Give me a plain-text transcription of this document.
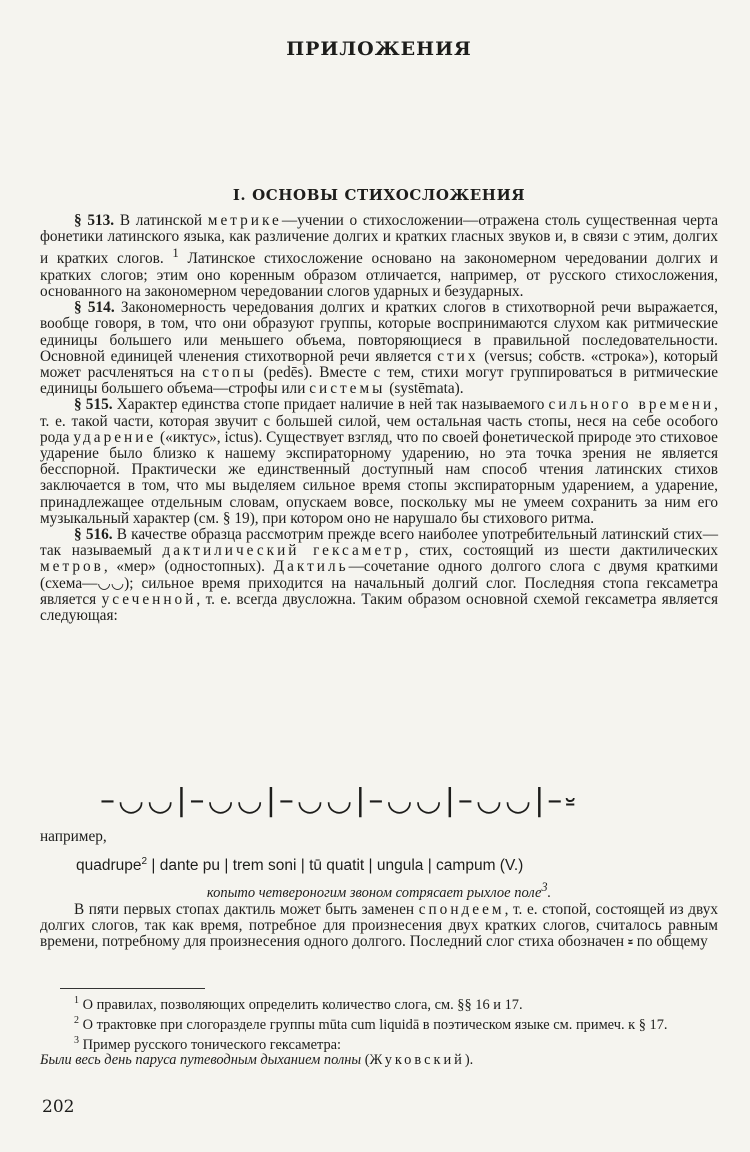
ПРИЛОЖЕНИЯ
I. ОСНОВЫ СТИХОСЛОЖЕНИЯ

§ 513. В латинской метрике—учении о стихосложении—отражена столь существенная черта фонетики латинского языка, как различение долгих и кратких гласных звуков и, в связи с этим, долгих и кратких слогов. $^1$ Латинское стихосложение основано на закономерном чередовании долгих и кратких слогов; этим оно коренным образом отличается, например, от русского стихосложения, основанного на закономерном чередовании слогов ударных и безударных.

§ 514. Закономерность чередования долгих и кратких слогов в стихотворной речи выражается, вообще говоря, в том, что они образуют группы, которые воспринимаются слухом как ритмические единицы большего или меньшего объема, повторяющиеся в правильной последовательности. Основной единицей членения стихотворной речи является стих (versus; собств. «строка»), который может расчленяться на стопы (pedēs). Вместе с тем, стихи могут группироваться в ритмические единицы большего объема—строфы или системы (systēmata).

§ 515. Характер единства стопе придает наличие в ней так называемого сильного времени, т. е. такой части, которая звучит с большей силой, чем остальная часть стопы, неся на себе особого рода ударение («иктус», ictus). Существует взгляд, что по своей фонетической природе это стиховое ударение было близко к нашему экспираторному ударению, но эта точка зрения не является бесспорной. Практически же единственный доступный нам способ чтения латинских стихов заключается в том, что мы выделяем сильное время стопы экспираторным ударением, а ударение, принадлежащее отдельным словам, опускаем вовсе, поскольку мы не умеем сохранить за ним его музыкальный характер (см. § 19), при котором оно не нарушало бы стихового ритма.

§ 516. В качестве образца рассмотрим прежде всего наиболее употребительный латинский стих—так называемый дактилический гексаметр, стих, состоящий из шести дактилических метров, «мер» (одностопных). Дактиль—сочетание одного долгого слога с двумя краткими (схема—◡◡); сильное время приходится на начальный долгий слог. Последняя стопа гексаметра является усеченной, т. е. всегда двусложна. Таким образом основной схемой гексаметра является следующая:

–◡◡|–◡◡|–◡◡|–◡◡|–◡◡|–⏓
например,
quadrupe$^2$ | dante pu | trem soni | tū quatit | ungula | campum (V.)
копыто четвероногим звоном сотрясает рыхлое поле$^3$.

В пяти первых стопах дактиль может быть заменен спондеем, т. е. стопой, состоящей из двух долгих слогов, так как время, потребное для произнесения двух кратких слогов, считалось равным времени, потребному для произнесения одного долгого. Последний слог стиха обозначен ⏓ по общему

$^1$ О правилах, позволяющих определить количество слога, см. §§ 16 и 17.

$^2$ О трактовке при слогоразделе группы mūta cum liquidā в поэтическом языке см. примеч. к § 17.

$^3$ Пример русского тонического гексаметра:

Были весь день паруса путеводным дыханием полны (Жуковский).

202
